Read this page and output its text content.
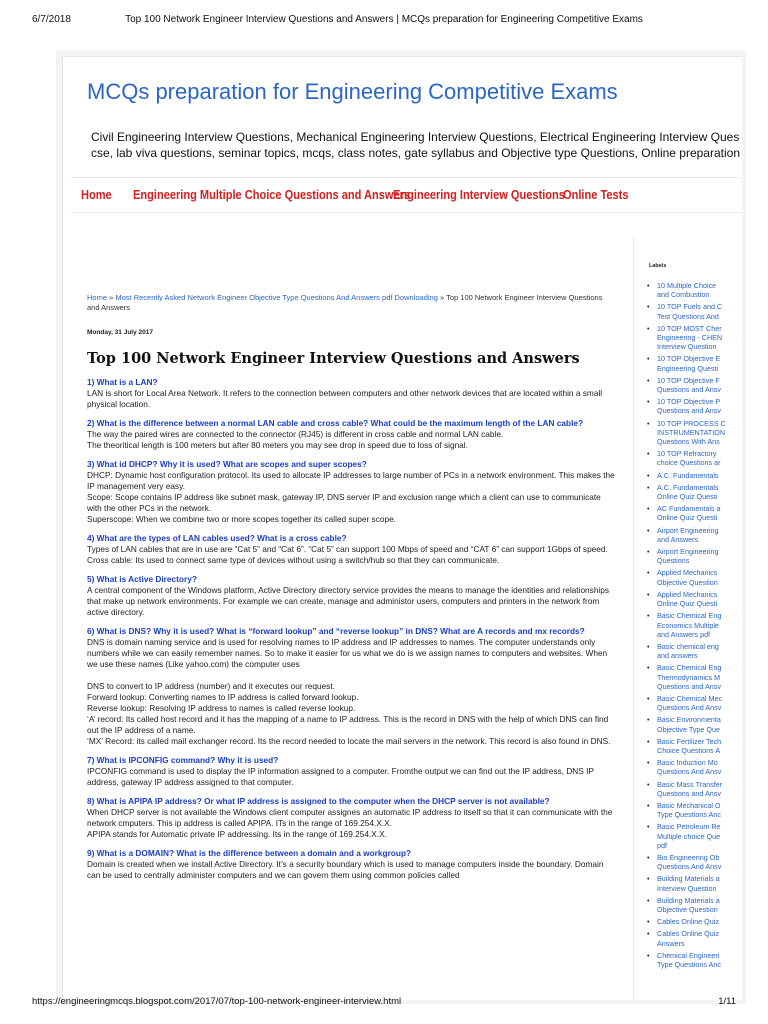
6/7/2018	Top 100 Network Engineer Interview Questions and Answers | MCQs preparation for Engineering Competitive Exams
MCQs preparation for Engineering Competitive Exams
Civil Engineering Interview Questions, Mechanical Engineering Interview Questions, Electrical Engineering Interview Ques
cse, lab viva questions, seminar topics, mcqs, class notes, gate syllabus and Objective type Questions, Online preparation
Home Engineering Multiple Choice Questions and Answers
Engineering Interview Questions
Online Tests
Home » Most Recently Asked Network Engineer Objective Type Questions And Answers pdf Downloading » Top 100 Network Engineer Interview Questions and Answers
Monday, 31 July 2017
Top 100 Network Engineer Interview Questions and Answers
1) What is a LAN?

LAN is short for Local Area Network. It refers to the connection between computers and other network devices that are located within a small physical location.

2) What is the difference between a normal LAN cable and cross cable? What could be the maximum length of the LAN cable?

The way the paired wires are connected to the connector (RJ45) is different in cross cable and normal LAN cable.

The theoritical length is 100 meters but after 80 meters you may see drop in speed due to loss of signal.

3) What id DHCP? Why it is used? What are scopes and super scopes?

DHCP: Dynamic host configuration protocol. Its used to allocate IP addresses to large number of PCs in a network environment. This makes the IP management very easy.

Scope: Scope contains IP address like subnet mask, gateway IP, DNS server IP and exclusion range which a client can use to communicate with the other PCs in the network.

Superscope: When we combine two or more scopes together its called super scope.

4) What are the types of LAN cables used? What is a cross cable?

Types of LAN cables that are in use are “Cat 5” and “Cat 6”. “Cat 5” can support 100 Mbps of speed and “CAT 6” can support 1Gbps of speed.

Cross cable: Its used to connect same type of devices without using a switch/hub so that they can communicate.

5) What is Active Directory?

A central component of the Windows platform, Active Directory directory service provides the means to manage the identities and relationships that make up network environments. For example we can create, manage and administor users, computers and printers in the network from active directory.

6) What is DNS? Why it is used? What is “forward lookup” and “reverse lookup” in DNS? What are A records and mx records?

DNS is domain naming service and is used for resolving names to IP address and IP addresses to names. The computer understands only numbers while we can easily remember names. So to make it easier for us what we do is we assign names to computers and websites. When we use these names (Like yahoo.com) the computer uses

DNS to convert to IP address (number) and it executes our request.

Forward lookup: Converting names to IP address is called forward lookup.

Reverse lookup: Resolving IP address to names is called reverse lookup.

‘A’ record: Its called host record and it has the mapping of a name to IP address. This is the record in DNS with the help of which DNS can find out the IP address of a name.

‘MX’ Record: its called mail exchanger record. Its the record needed to locate the mail servers in the network. This record is also found in DNS.

7) What is IPCONFIG command? Why it is used?

IPCONFIG command is used to display the IP information assigned to a computer. Fromthe output we can find out the IP address, DNS IP address, gateway IP address assigned to that computer.

8) What is APIPA IP address? Or what IP address is assigned to the computer when the DHCP server is not available?

When DHCP server is not available the Windows client computer assignes an automatic IP address to itself so that it can communicate with the network cmputers. This ip address is called APIPA. ITs in the range of 169.254.X.X.

APIPA stands for Automatic private IP addressing. Its in the range of 169.254.X.X.

9) What is a DOMAIN? What is the difference between a domain and a workgroup?

Domain is created when we install Active Directory. It’s a security boundary which is used to manage computers inside the boundary. Domain can be used to centrally administer computers and we can govern them using common policies called

Labels
• 10 Multiple Choice
and Combustion
• 10 TOP Fuels and C
Test Questions And
• 10 TOP MOST Cher
Engineering - CHEN
Interview Question
• 10 TOP Objective E
Engineering Questi
• 10 TOP Objective F
Questions and Ansv
• 10 TOP Objective P
Questions and Ansv
• 10 TOP PROCESS C
INSTRUMENTATION
Questions With Ans
• 10 TOP Refractory
choice Questions ar
• A.C. Fundamentals
• A.C. Fundamentals
Online Quiz Questi
• AC Fundamentals a
Online Quiz Questi
• Airport Engineering
and Answers
• Airport Engineering
Questions
• Applied Mechanics
Objective Question
• Applied Mechanics
Online Quiz Questi
• Basic Chemical Eng
Economics Multiple
and Answers pdf
• Basic chemical eng
and answers
• Basic Chemical Eng
Thermodynamics M
Questions and Ansv
• Basic Chemical Mec
Questions And Ansv
• Basic Environmenta
Objective Type Que
• Basic Fertilizer Tech
Choice Questions A
• Basic Induction Mo
Questions And Ansv
• Basic Mass Transfer
Questions and Ansv
• Basic Mechanical O
Type Questions Anc
• Basic Petroleum Re
Multiple choice Que
pdf
• Bio Engineering Ob
Questions And Ansv
• Building Materials a
Interview Question
• Building Materials a
Objective Question
• Cables Online Quiz
• Cables Online Quiz
Answers
• Chemical Engineeri
Type Questions Anc
https://engineeringmcqs.blogspot.com/2017/07/top-100-network-engineer-interview.html	1/11
